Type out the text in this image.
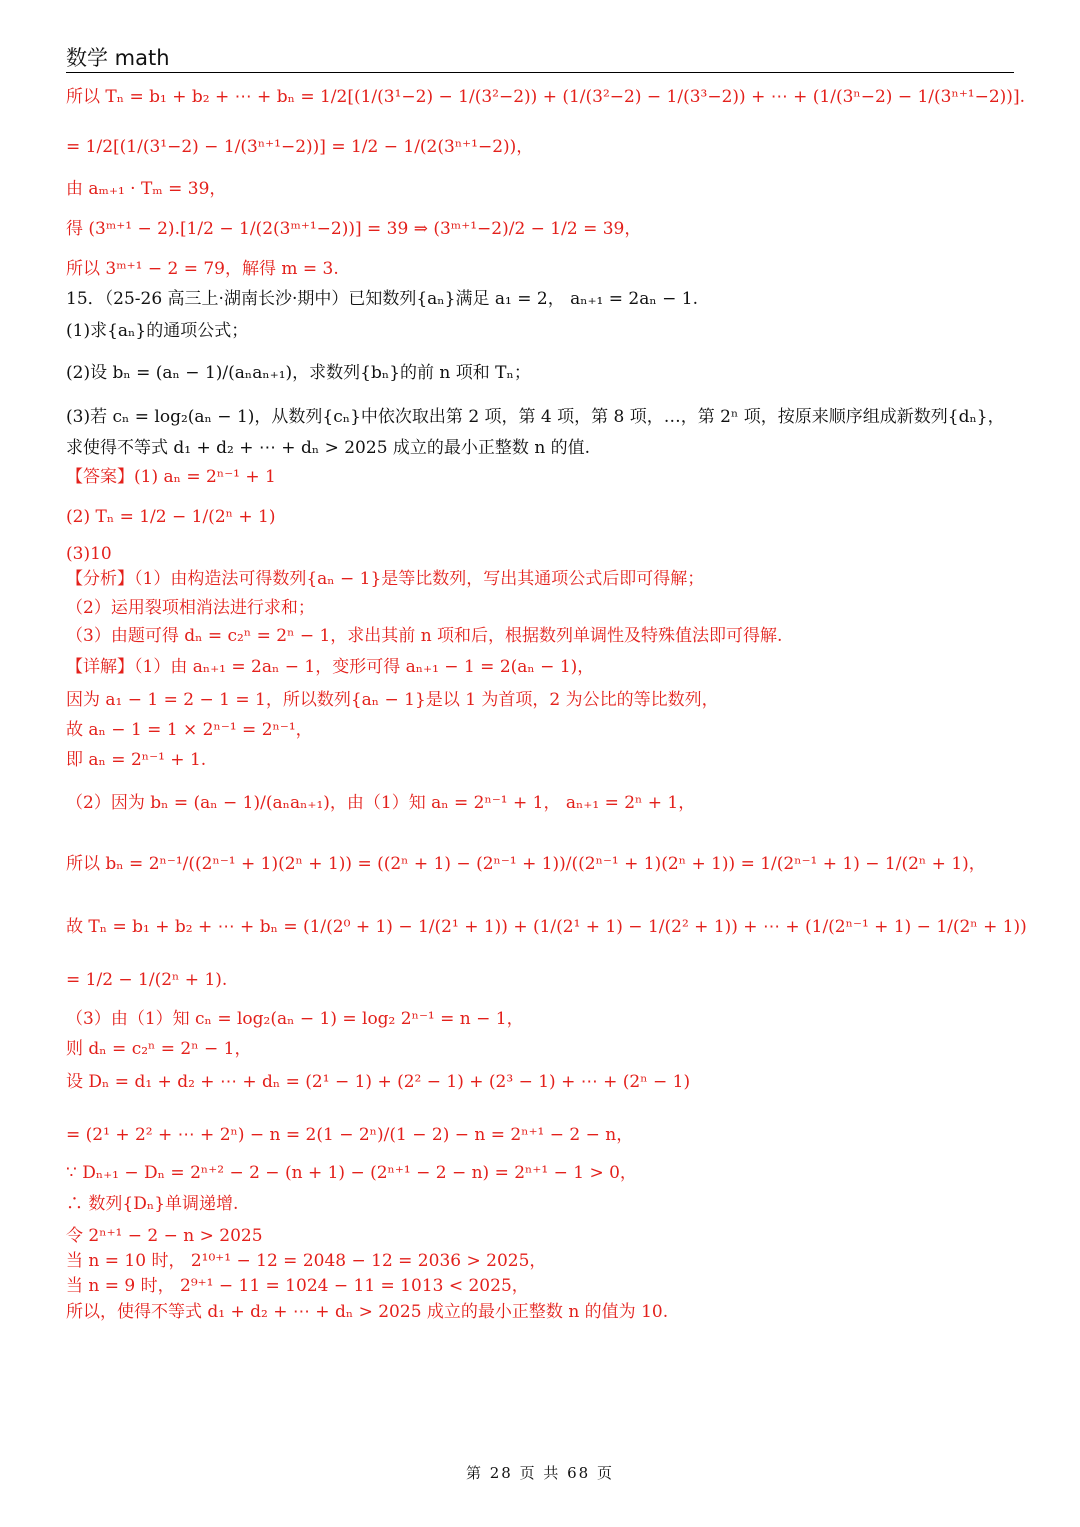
数学 math
所以 Tₙ = b₁ + b₂ + ⋯ + bₙ = 1/2[(1/(3¹−2) − 1/(3²−2)) + (1/(3²−2) − 1/(3³−2)) + ⋯ + (1/(3ⁿ−2) − 1/(3ⁿ⁺¹−2))].
= 1/2[(1/(3¹−2) − 1/(3ⁿ⁺¹−2))] = 1/2 − 1/(2(3ⁿ⁺¹−2))，
由 aₘ₊₁ · Tₘ = 39，
得 (3ᵐ⁺¹ − 2).[1/2 − 1/(2(3ᵐ⁺¹−2))] = 39 ⇒ (3ᵐ⁺¹−2)/2 − 1/2 = 39，
所以 3ᵐ⁺¹ − 2 = 79，解得 m = 3.
15．（25-26 高三上·湖南长沙·期中）已知数列{aₙ}满足 a₁ = 2， aₙ₊₁ = 2aₙ − 1.
(1)求{aₙ}的通项公式；
(2)设 bₙ = (aₙ − 1)/(aₙaₙ₊₁)，求数列{bₙ}的前 n 项和 Tₙ；
(3)若 cₙ = log₂(aₙ − 1)，从数列{cₙ}中依次取出第 2 项，第 4 项，第 8 项，…，第 2ⁿ 项，按原来顺序组成新数列{dₙ}，
求使得不等式 d₁ + d₂ + ⋯ + dₙ > 2025 成立的最小正整数 n 的值.
【答案】(1) aₙ = 2ⁿ⁻¹ + 1
(2) Tₙ = 1/2 − 1/(2ⁿ + 1)
(3)10
【分析】（1）由构造法可得数列{aₙ − 1}是等比数列，写出其通项公式后即可得解；
（2）运用裂项相消法进行求和；
（3）由题可得 dₙ = c₂ⁿ = 2ⁿ − 1，求出其前 n 项和后，根据数列单调性及特殊值法即可得解.
【详解】（1）由 aₙ₊₁ = 2aₙ − 1，变形可得 aₙ₊₁ − 1 = 2(aₙ − 1)，
因为 a₁ − 1 = 2 − 1 = 1，所以数列{aₙ − 1}是以 1 为首项，2 为公比的等比数列，
故 aₙ − 1 = 1 × 2ⁿ⁻¹ = 2ⁿ⁻¹，
即 aₙ = 2ⁿ⁻¹ + 1.
（2）因为 bₙ = (aₙ − 1)/(aₙaₙ₊₁)，由（1）知 aₙ = 2ⁿ⁻¹ + 1， aₙ₊₁ = 2ⁿ + 1，
所以 bₙ = 2ⁿ⁻¹/((2ⁿ⁻¹ + 1)(2ⁿ + 1)) = ((2ⁿ + 1) − (2ⁿ⁻¹ + 1))/((2ⁿ⁻¹ + 1)(2ⁿ + 1)) = 1/(2ⁿ⁻¹ + 1) − 1/(2ⁿ + 1)，
故 Tₙ = b₁ + b₂ + ⋯ + bₙ = (1/(2⁰ + 1) − 1/(2¹ + 1)) + (1/(2¹ + 1) − 1/(2² + 1)) + ⋯ + (1/(2ⁿ⁻¹ + 1) − 1/(2ⁿ + 1))
= 1/2 − 1/(2ⁿ + 1).
（3）由（1）知 cₙ = log₂(aₙ − 1) = log₂ 2ⁿ⁻¹ = n − 1，
则 dₙ = c₂ⁿ = 2ⁿ − 1，
设 Dₙ = d₁ + d₂ + ⋯ + dₙ = (2¹ − 1) + (2² − 1) + (2³ − 1) + ⋯ + (2ⁿ − 1)
= (2¹ + 2² + ⋯ + 2ⁿ) − n = 2(1 − 2ⁿ)/(1 − 2) − n = 2ⁿ⁺¹ − 2 − n，
∵ Dₙ₊₁ − Dₙ = 2ⁿ⁺² − 2 − (n + 1) − (2ⁿ⁺¹ − 2 − n) = 2ⁿ⁺¹ − 1 > 0，
∴ 数列{Dₙ}单调递增.
令 2ⁿ⁺¹ − 2 − n > 2025
当 n = 10 时， 2¹⁰⁺¹ − 12 = 2048 − 12 = 2036 > 2025，
当 n = 9 时， 2⁹⁺¹ − 11 = 1024 − 11 = 1013 < 2025，
所以，使得不等式 d₁ + d₂ + ⋯ + dₙ > 2025 成立的最小正整数 n 的值为 10.
第 28 页 共 68 页
